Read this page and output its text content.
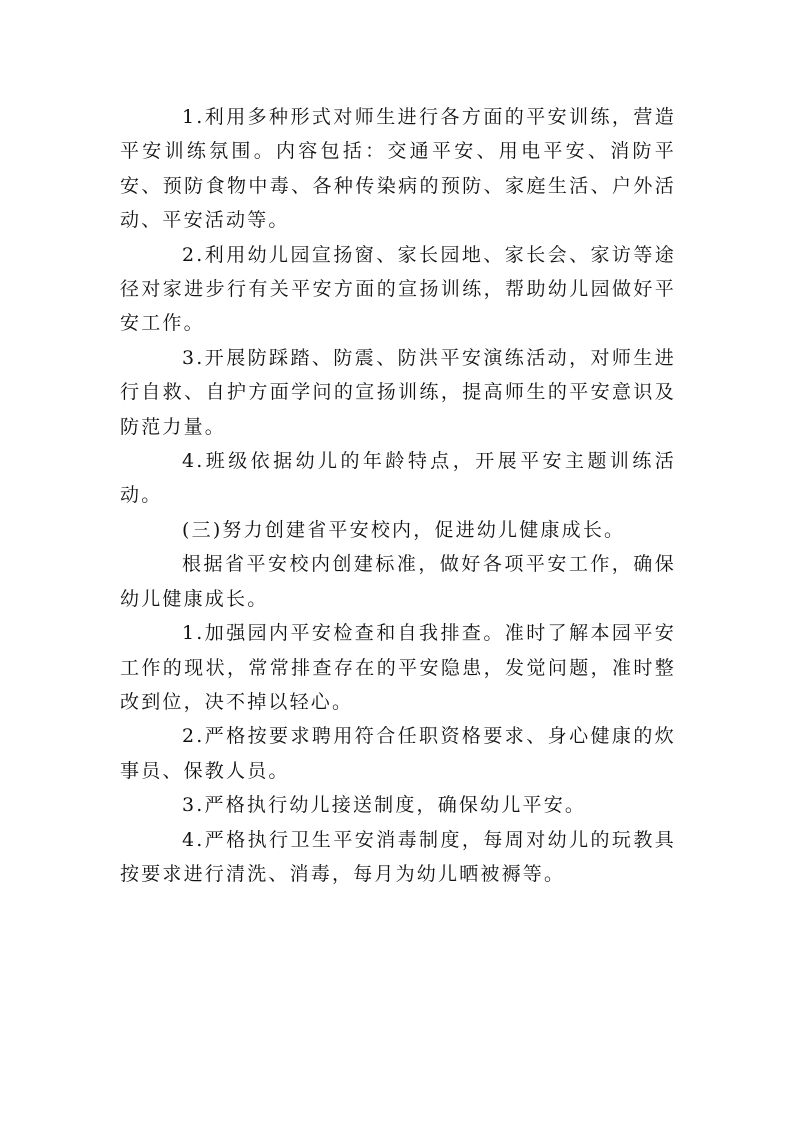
1.利用多种形式对师生进行各方面的平安训练，营造平安训练氛围。内容包括：交通平安、用电平安、消防平安、预防食物中毒、各种传染病的预防、家庭生活、户外活动、平安活动等。

2.利用幼儿园宣扬窗、家长园地、家长会、家访等途径对家进步行有关平安方面的宣扬训练，帮助幼儿园做好平安工作。

3.开展防踩踏、防震、防洪平安演练活动，对师生进行自救、自护方面学问的宣扬训练，提高师生的平安意识及防范力量。

4.班级依据幼儿的年龄特点，开展平安主题训练活动。

(三)努力创建省平安校内，促进幼儿健康成长。

根据省平安校内创建标准，做好各项平安工作，确保幼儿健康成长。

1.加强园内平安检查和自我排查。准时了解本园平安工作的现状，常常排查存在的平安隐患，发觉问题，准时整改到位，决不掉以轻心。

2.严格按要求聘用符合任职资格要求、身心健康的炊事员、保教人员。

3.严格执行幼儿接送制度，确保幼儿平安。

4.严格执行卫生平安消毒制度，每周对幼儿的玩教具按要求进行清洗、消毒，每月为幼儿晒被褥等。
